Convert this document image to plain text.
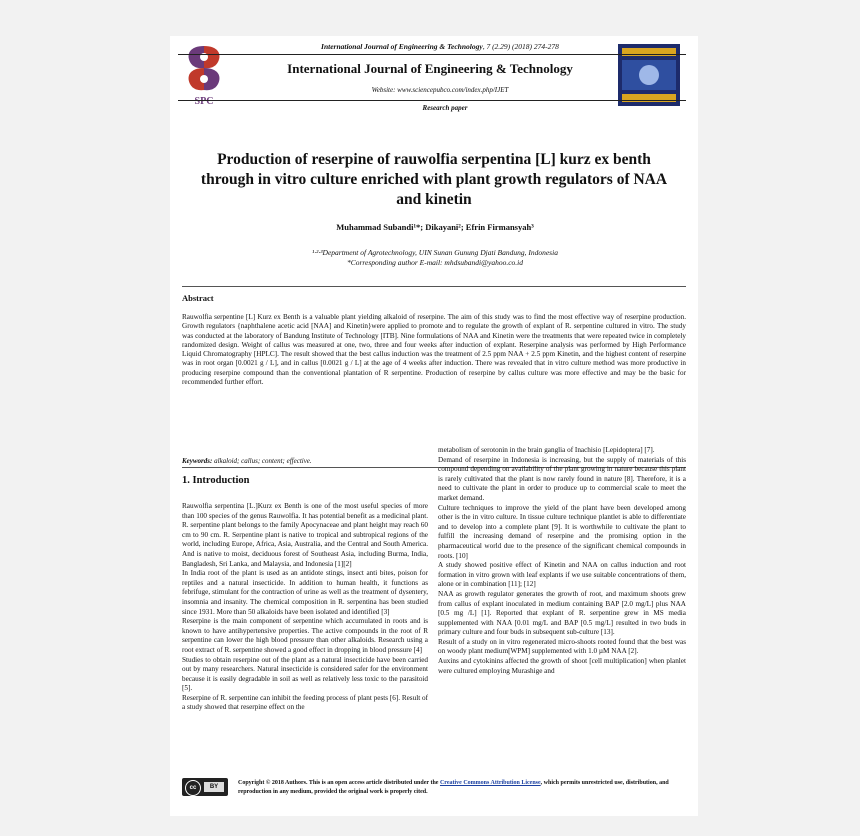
SPC
International Journal of Engineering & Technology, 7 (2.29) (2018) 274-278
International Journal of Engineering & Technology
Website: www.sciencepubco.com/index.php/IJET
Research paper
Production of reserpine of rauwolfia serpentina [L] kurz ex benth through in vitro culture enriched with plant growth regulators of NAA and kinetin
Muhammad Subandi¹*; Dikayani²; Efrin Firmansyah³
¹·²·³Department of Agrotechnology, UIN Sunan Gunung Djati Bandung, Indonesia
*Corresponding author E-mail: mhdsubandi@yahoo.co.id
Abstract
Rauwolfia serpentine [L] Kurz ex Benth is a valuable plant yielding alkaloid of reserpine. The aim of this study was to find the most effective way of reserpine production. Growth regulators {naphthalene acetic acid [NAA] and Kinetin}were applied to promote and to regulate the growth of explant of R. serpentine cultured in vitro. The study was conducted at the laboratory of Bandung Institute of Technology [ITB]. Nine formulations of NAA and Kinetin were the treatments that were repeated twice in completely randomized design. Weight of callus was measured at one, two, three and four weeks after induction of explant. Reserpine analysis was performed by High Performance Liquid Chromatography [HPLC]. The result showed that the best callus induction was the treatment of 2.5 ppm NAA + 2.5 ppm Kinetin, and the highest content of reserpine was in root organ [0.0021 g / L], and in callus [0.0021 g / L] at the age of 4 weeks after induction. There was revealed that in vitro culture method was more productive in producing reserpine compound than the conventional plantation of R serpentine. Production of reserpine by callus culture was more effective and may be the basic for recommended further effort.
Keywords: alkaloid; callus; content; effective.
1. Introduction

Rauwolfia serpentina [L.]Kurz ex Benth is one of the most useful species of more than 100 species of the genus Rauwolfia. It has potential benefit as a medicinal plant. R. serpentine plant belongs to the family Apocynaceae and plant height may reach 60 cm to 90 cm. R. Serpentine plant is native to tropical and subtropical regions of the world, including Europe, Africa, Asia, Australia, and the Central and South America. And is native to moist, deciduous forest of Southeast Asia, including Burma, India, Bangladesh, Sri Lanka, and Malaysia, and Indonesia [1][2]

In India root of the plant is used as an antidote stings, insect anti bites, poison for reptiles and a natural insecticide. In addition to human health, it functions as febrifuge, stimulant for the contraction of urine as well as the treatment of dysentery, insomnia and insanity. The chemical composition in R. serpentina has been studied since 1931. More than 50 alkaloids have been isolated and identified [3]

Reserpine is the main component of serpentine which accumulated in roots and is known to have antihypertensive properties. The active compounds in the root of R serpentine can lower the high blood pressure than other alkaloids. Research using a root extract of R. serpentine showed a good effect in dropping in blood pressure [4]

Studies to obtain reserpine out of the plant as a natural insecticide have been carried out by many researchers. Natural insecticide is considered safer for the environment because it is easily degradable in soil as well as relatively less toxic to the parasitoid [5].

Reserpine of R. serpentine can inhibit the feeding process of plant pests [6]. Result of a study showed that reserpine effect on the

metabolism of serotonin in the brain ganglia of Inachisio [Lepidoptera] [7].

Demand of reserpine in Indonesia is increasing, but the supply of materials of this compound depending on availability of the plant growing in nature because this plant is rarely cultivated that the plant is now rarely found in nature [8]. Therefore, it is a need to cultivate the plant in order to produce up to commercial scale to meet the market demand.

Culture techniques to improve the yield of the plant have been developed among other is the in vitro culture. In tissue culture technique plantlet is able to differentiate and to develop into a complete plant [9]. It is worthwhile to cultivate the plant to fulfill the increasing demand of reserpine and the promising option in the pharmaceutical world due to the presence of the significant chemical compounds in roots. [10]

A study showed positive effect of Kinetin and NAA on callus induction and root formation in vitro grown with leaf explants if we use suitable concentrations of them, alone or in combination [11]; [12]

NAA as growth regulator generates the growth of root, and maximum shoots grew from callus of explant inoculated in medium containing BAP [2.0 mg/L] plus NAA [0.5 mg /L] [1]. Reported that explant of R. serpentine grew in MS media supplemented with NAA [0.01 mg/L and BAP [0.5 mg/L] resulted in two buds in primary culture and four buds in subsequent sub-culture [13].

Result of a study on in vitro regenerated micro-shoots rooted found that the best was on woody plant medium[WPM] supplemented with 1.0 µM NAA [2].

Auxins and cytokinins affected the growth of shoot [cell multiplication] when planlet were cultured employing Murashige and

cc	BY
Copyright © 2018 Authors. This is an open access article distributed under the Creative Commons Attribution License, which permits unrestricted use, distribution, and reproduction in any medium, provided the original work is properly cited.
